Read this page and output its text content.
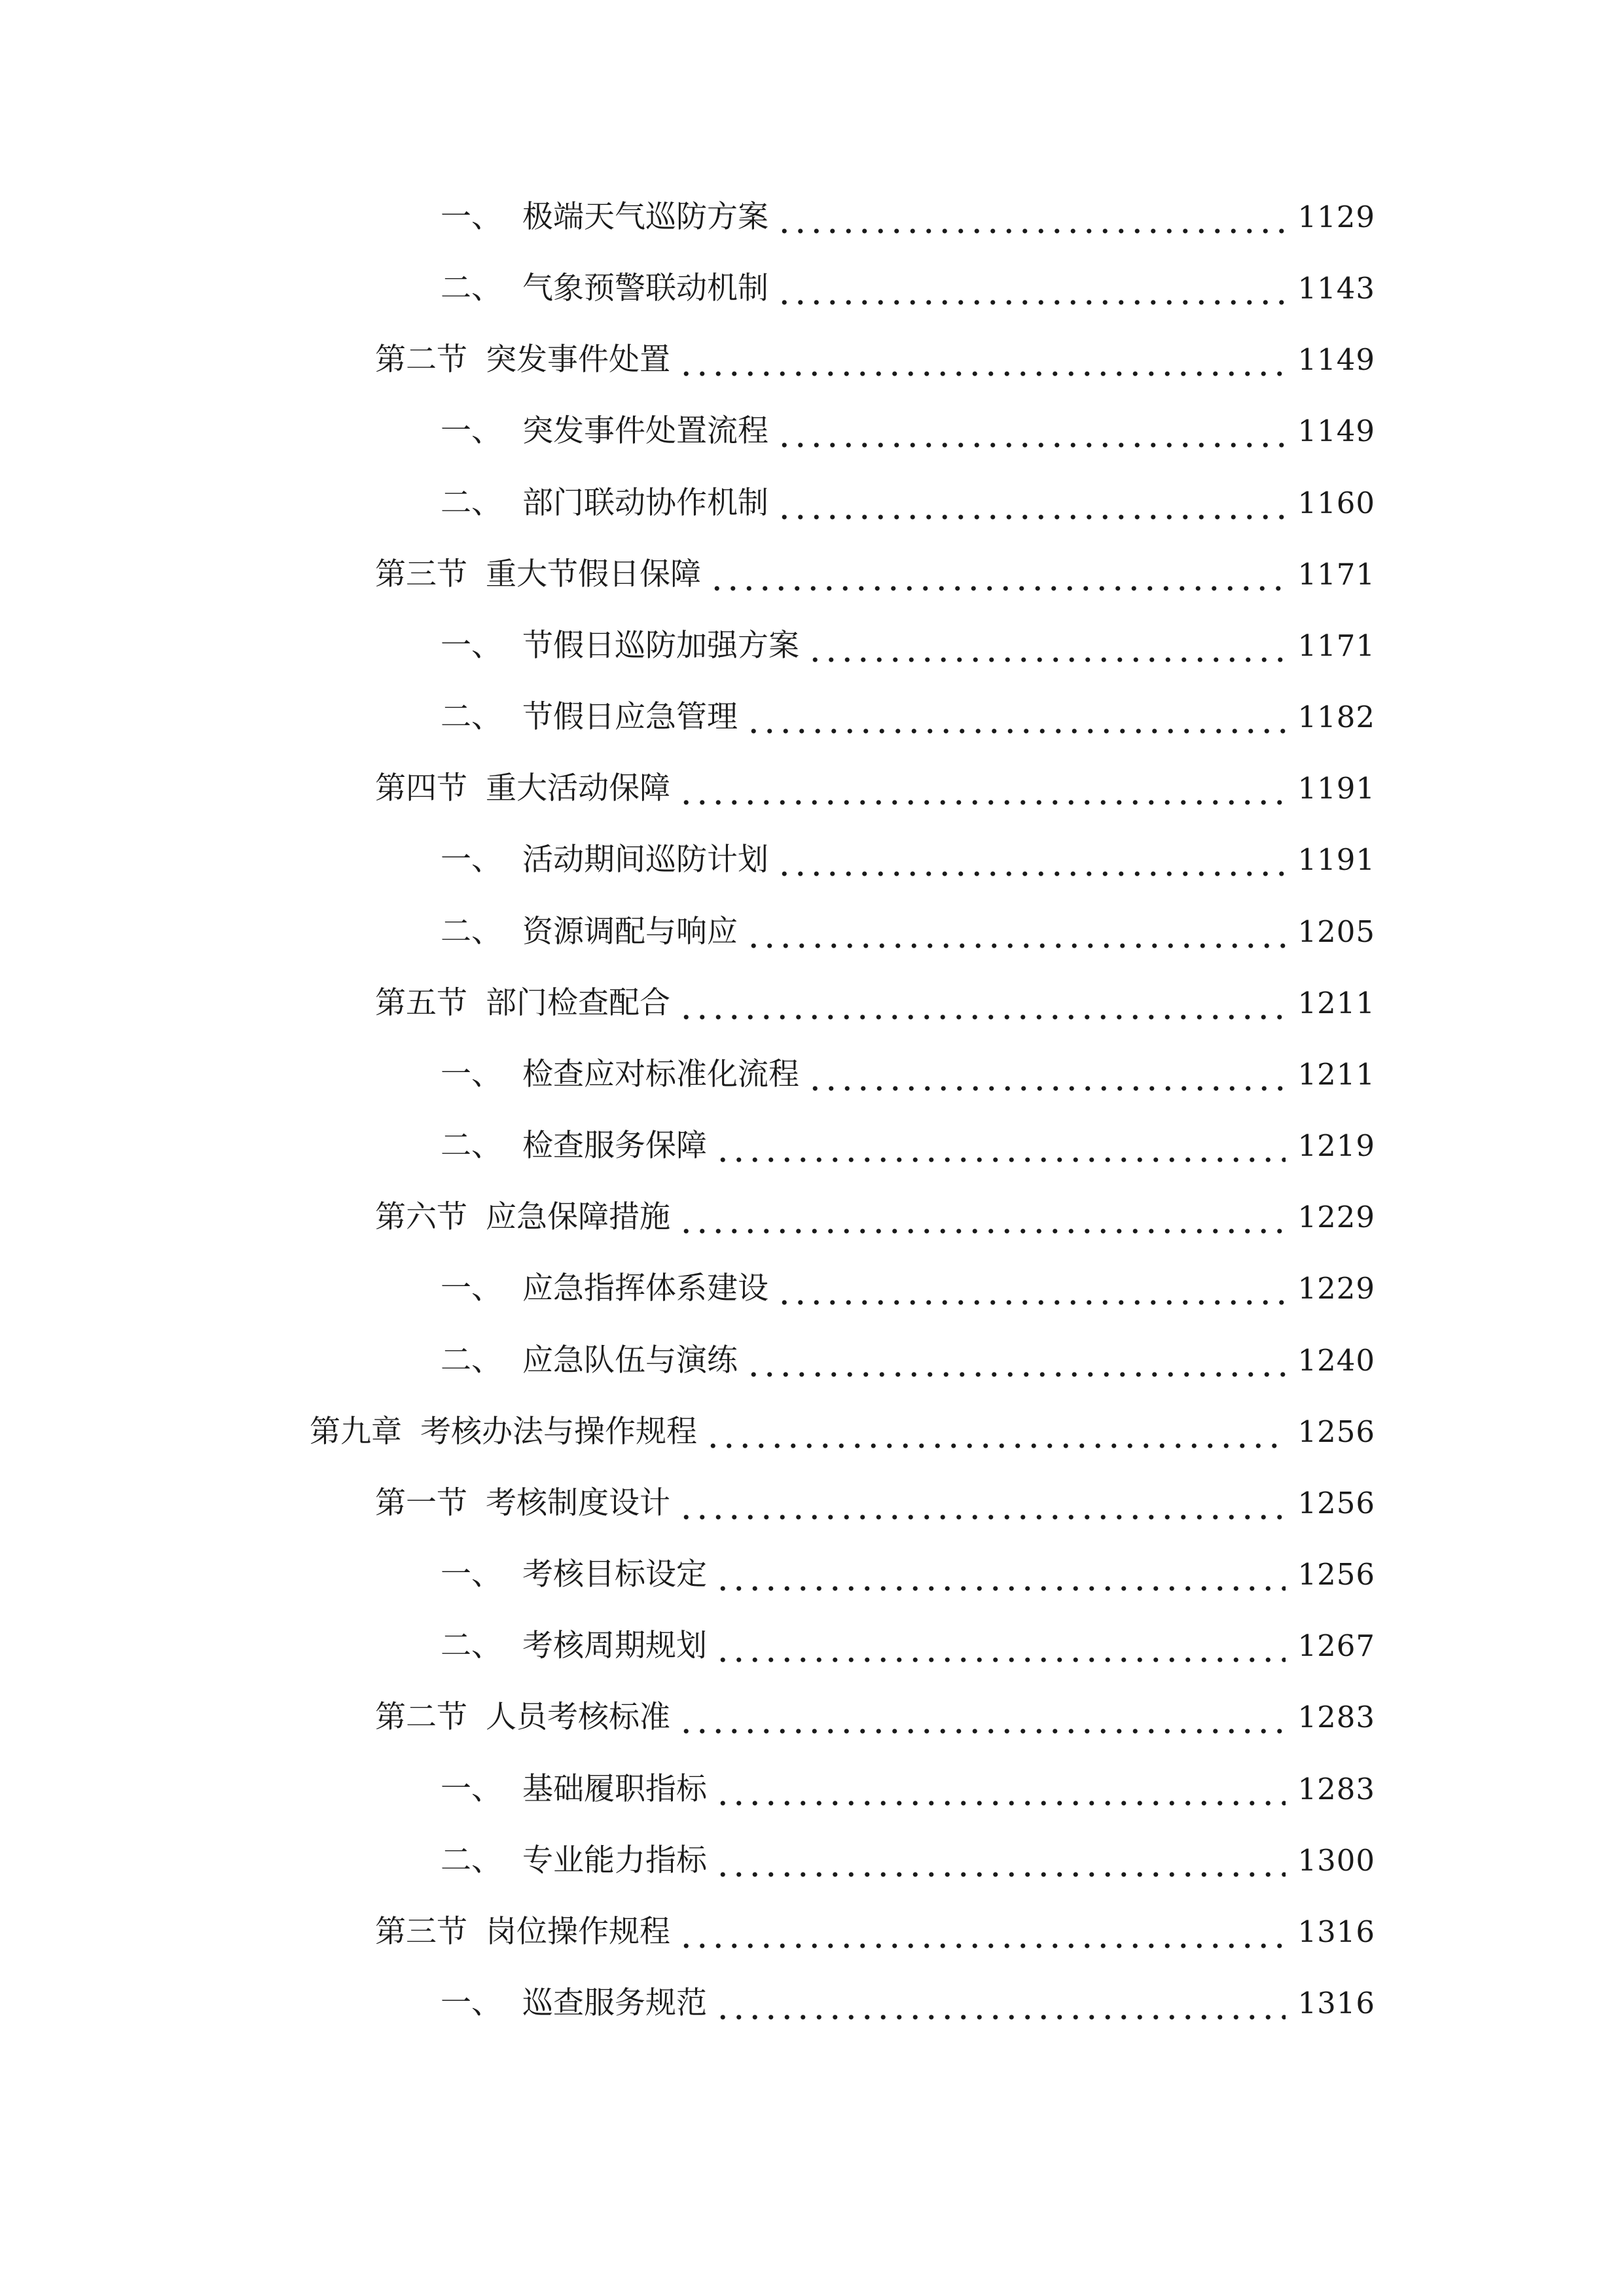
一、 极端天气巡防方案	1129
二、 气象预警联动机制	1143
第二节 突发事件处置	1149
一、 突发事件处置流程	1149
二、 部门联动协作机制	1160
第三节 重大节假日保障	1171
一、 节假日巡防加强方案	1171
二、 节假日应急管理	1182
第四节 重大活动保障	1191
一、 活动期间巡防计划	1191
二、 资源调配与响应	1205
第五节 部门检查配合	1211
一、 检查应对标准化流程	1211
二、 检查服务保障	1219
第六节 应急保障措施	1229
一、 应急指挥体系建设	1229
二、 应急队伍与演练	1240
第九章 考核办法与操作规程	1256
第一节 考核制度设计	1256
一、 考核目标设定	1256
二、 考核周期规划	1267
第二节 人员考核标准	1283
一、 基础履职指标	1283
二、 专业能力指标	1300
第三节 岗位操作规程	1316
一、 巡查服务规范	1316
